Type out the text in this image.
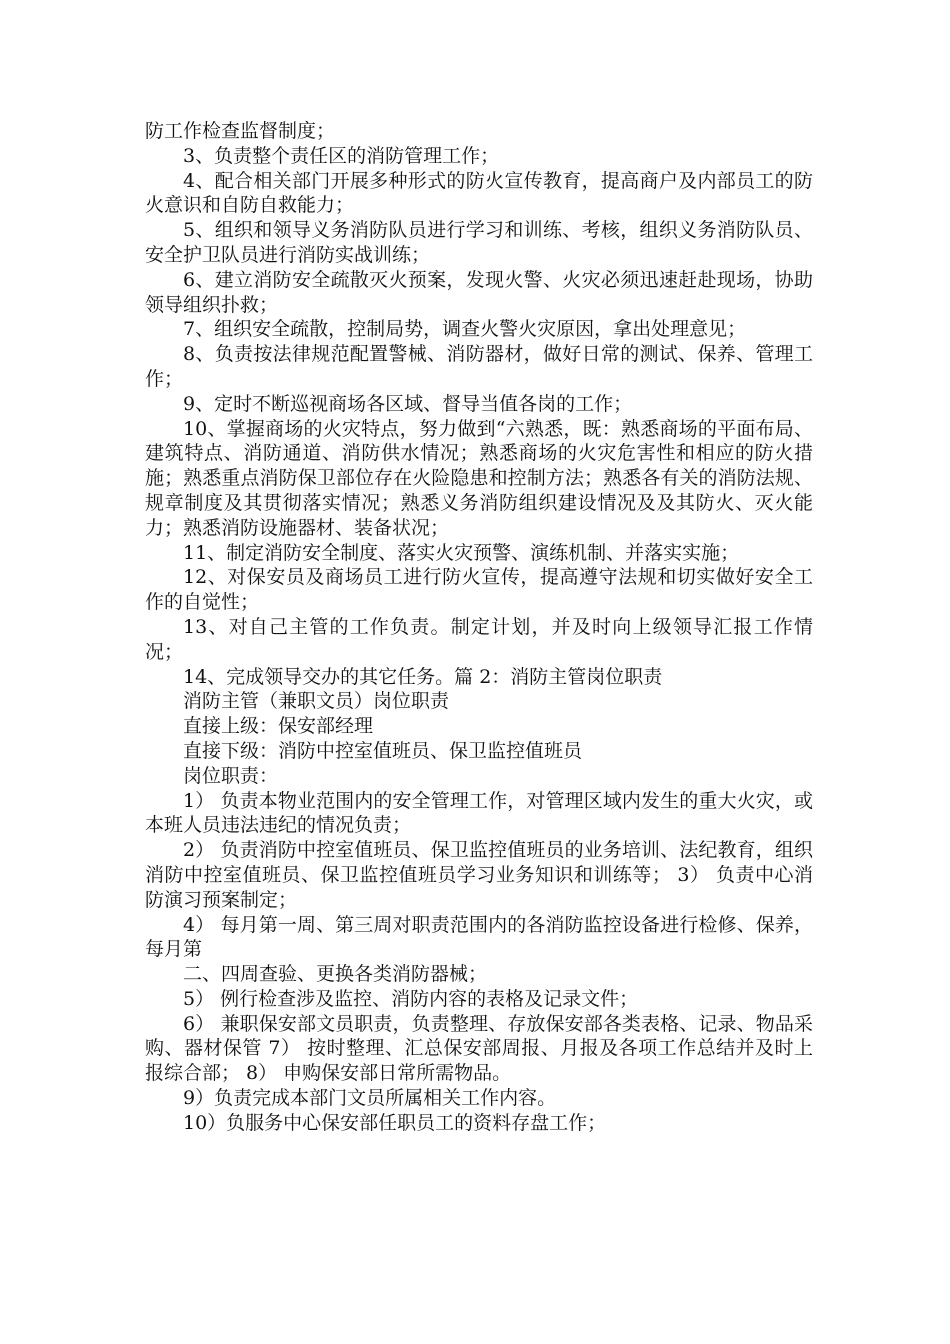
防工作检查监督制度；

3、负责整个责任区的消防管理工作；

4、配合相关部门开展多种形式的防火宣传教育，提高商户及内部员工的防火意识和自防自救能力；

5、组织和领导义务消防队员进行学习和训练、考核，组织义务消防队员、安全护卫队员进行消防实战训练；

6、建立消防安全疏散灭火预案，发现火警、火灾必须迅速赶赴现场，协助领导组织扑救；

7、组织安全疏散，控制局势，调查火警火灾原因，拿出处理意见；

8、负责按法律规范配置警械、消防器材，做好日常的测试、保养、管理工作；

9、定时不断巡视商场各区域、督导当值各岗的工作；

10、掌握商场的火灾特点，努力做到“六熟悉，既：熟悉商场的平面布局、建筑特点、消防通道、消防供水情况；熟悉商场的火灾危害性和相应的防火措施；熟悉重点消防保卫部位存在火险隐患和控制方法；熟悉各有关的消防法规、规章制度及其贯彻落实情况；熟悉义务消防组织建设情况及及其防火、灭火能力；熟悉消防设施器材、装备状况；

11、制定消防安全制度、落实火灾预警、演练机制、并落实实施；

12、对保安员及商场员工进行防火宣传，提高遵守法规和切实做好安全工作的自觉性；

13、对自己主管的工作负责。制定计划，并及时向上级领导汇报工作情况；

14、完成领导交办的其它任务。篇 2：消防主管岗位职责

消防主管（兼职文员）岗位职责

直接上级：保安部经理

直接下级：消防中控室值班员、保卫监控值班员

岗位职责：

1） 负责本物业范围内的安全管理工作，对管理区域内发生的重大火灾，或本班人员违法违纪的情况负责；

2） 负责消防中控室值班员、保卫监控值班员的业务培训、法纪教育，组织消防中控室值班员、保卫监控值班员学习业务知识和训练等； 3） 负责中心消防演习预案制定；

4） 每月第一周、第三周对职责范围内的各消防监控设备进行检修、保养，每月第

二、四周查验、更换各类消防器械；

5） 例行检查涉及监控、消防内容的表格及记录文件；

6） 兼职保安部文员职责，负责整理、存放保安部各类表格、记录、物品采购、器材保管 7） 按时整理、汇总保安部周报、月报及各项工作总结并及时上报综合部； 8） 申购保安部日常所需物品。

9）负责完成本部门文员所属相关工作内容。

10）负服务中心保安部任职员工的资料存盘工作；
